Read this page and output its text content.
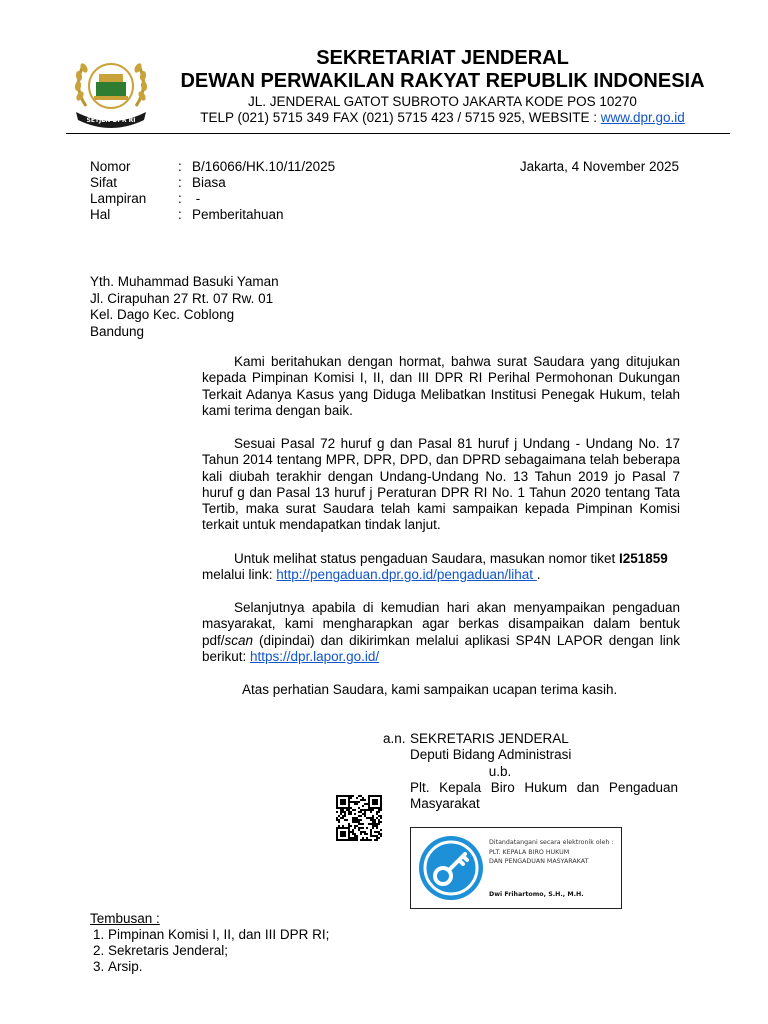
SETJEN DPR RI
SEKRETARIAT JENDERAL
DEWAN PERWAKILAN RAKYAT REPUBLIK INDONESIA
JL. JENDERAL GATOT SUBROTO JAKARTA KODE POS 10270
TELP (021) 5715 349 FAX (021) 5715 423 / 5715 925, WEBSITE : www.dpr.go.id
Nomor	: B/16066/HK.10/11/2025
Sifat	: Biasa
Lampiran	: -
Hal	: Pemberitahuan
Jakarta, 4 November 2025
Yth. Muhammad Basuki Yaman
Jl. Cirapuhan 27 Rt. 07 Rw. 01
Kel. Dago Kec. Coblong
Bandung
Kami beritahukan dengan hormat, bahwa surat Saudara yang ditujukan kepada Pimpinan Komisi I, II, dan III DPR RI Perihal Permohonan Dukungan Terkait Adanya Kasus yang Diduga Melibatkan Institusi Penegak Hukum, telah kami terima dengan baik.
Sesuai Pasal 72 huruf g dan Pasal 81 huruf j Undang - Undang No. 17 Tahun 2014 tentang MPR, DPR, DPD, dan DPRD sebagaimana telah beberapa kali diubah terakhir dengan Undang-Undang No. 13 Tahun 2019 jo Pasal 7 huruf g dan Pasal 13 huruf j Peraturan DPR RI No. 1 Tahun 2020 tentang Tata Tertib, maka surat Saudara telah kami sampaikan kepada Pimpinan Komisi terkait untuk mendapatkan tindak lanjut.
Untuk melihat status pengaduan Saudara, masukan nomor tiket I251859
melalui link: http://pengaduan.dpr.go.id/pengaduan/lihat .
Selanjutnya apabila di kemudian hari akan menyampaikan pengaduan masyarakat, kami mengharapkan agar berkas disampaikan dalam bentuk pdf/scan (dipindai) dan dikirimkan melalui aplikasi SP4N LAPOR dengan link berikut: https://dpr.lapor.go.id/
Atas perhatian Saudara, kami sampaikan ucapan terima kasih.
a.n. SEKRETARIS JENDERAL
Deputi Bidang Administrasi
u.b.
Plt. Kepala Biro Hukum dan Pengaduan Masyarakat
Ditandatangani secara elektronik oleh :
PLT. KEPALA BIRO HUKUM
DAN PENGADUAN MASYARAKAT
Dwi Frihartomo, S.H., M.H.
Tembusan :
1. Pimpinan Komisi I, II, dan III DPR RI;
2. Sekretaris Jenderal;
3. Arsip.
